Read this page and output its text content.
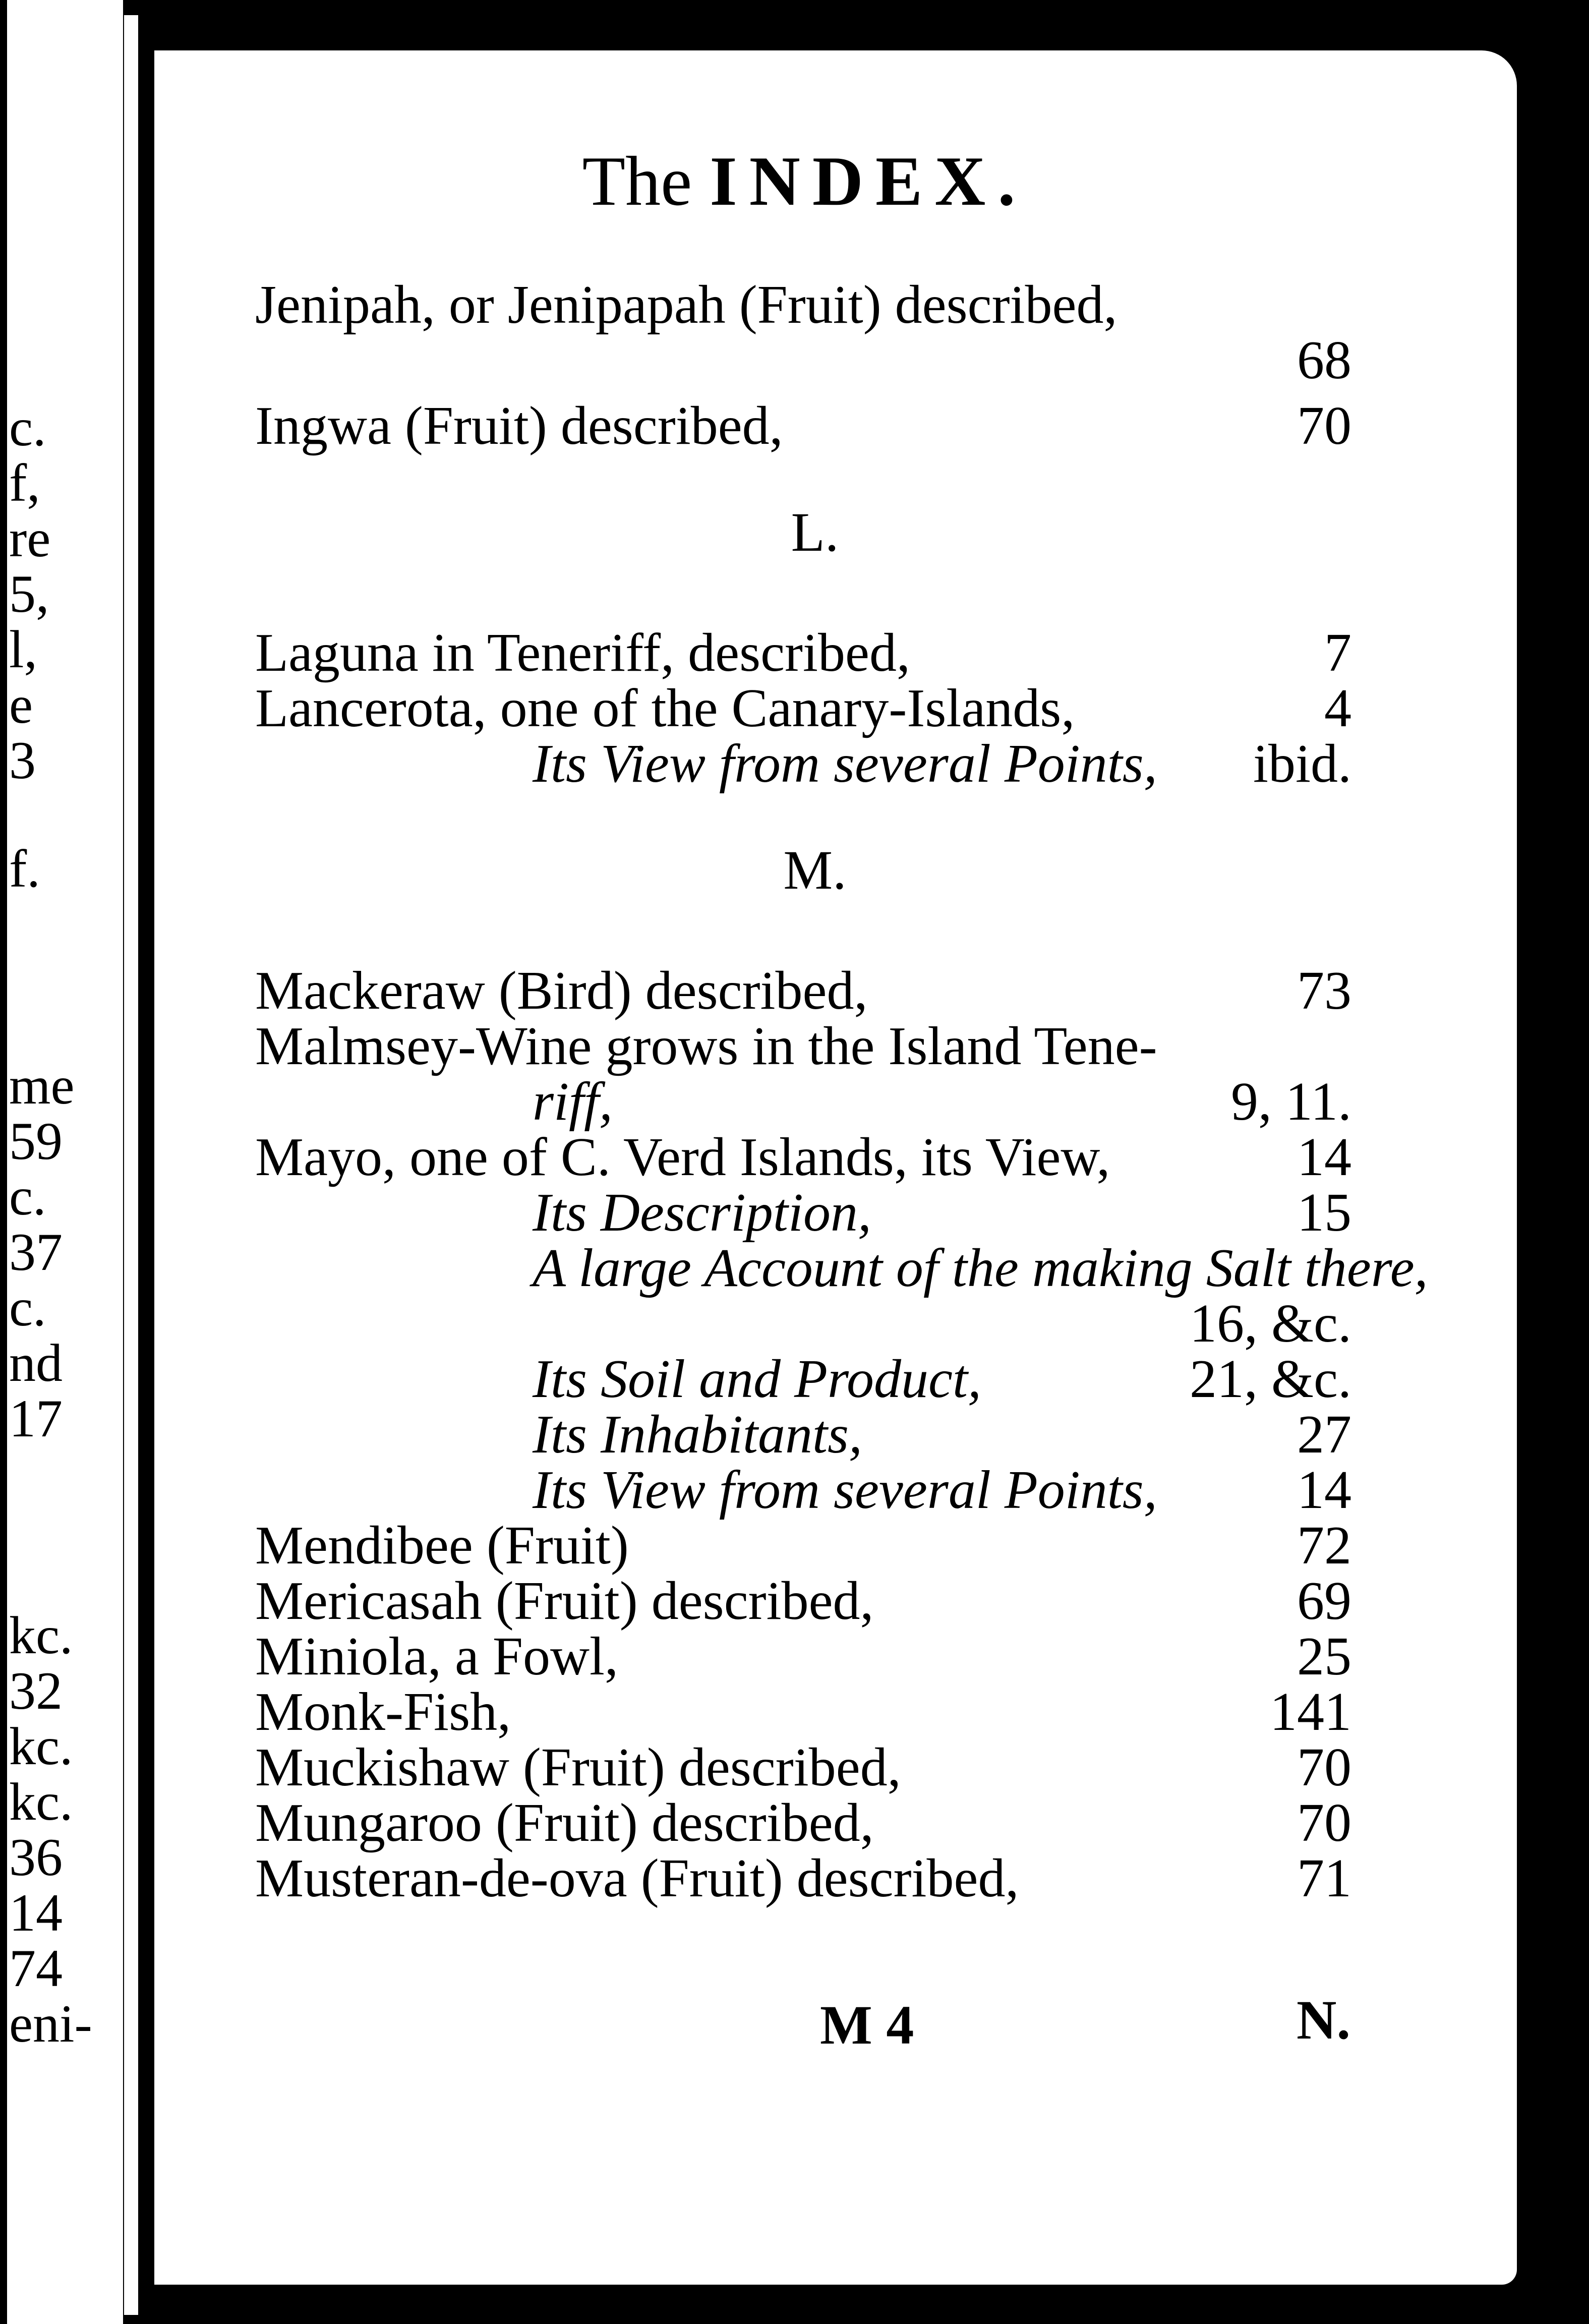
c.
f,
re
5,
l,
e
3
f.
me
59
c.
37
c.
nd
17
kc.
32
kc.
kc.
36
14
74
eni-
The INDEX.
L.
M.
Jenipah, or Jenipapah (Fruit) described,
68
Ingwa (Fruit) described,	70
Laguna in Teneriff, described,	7
Lancerota, one of the Canary-Islands,	4
Its View from several Points, ibid.
Mackeraw (Bird) described,	73
Malmsey-Wine grows in the Island Tene-
riff,	9, 11.
Mayo, one of C. Verd Islands, its View,	14
Its Description,	15
A large Account of the making Salt there,
16, &c.
Its Soil and Product,	21, &c.
Its Inhabitants,	27
Its View from several Points,	14
Mendibee (Fruit)	72
Mericasah (Fruit) described,	69
Miniola, a Fowl,	25
Monk-Fish,	141
Muckishaw (Fruit) described,	70
Mungaroo (Fruit) described,	70
Musteran-de-ova (Fruit) described,	71
M 4	N.
